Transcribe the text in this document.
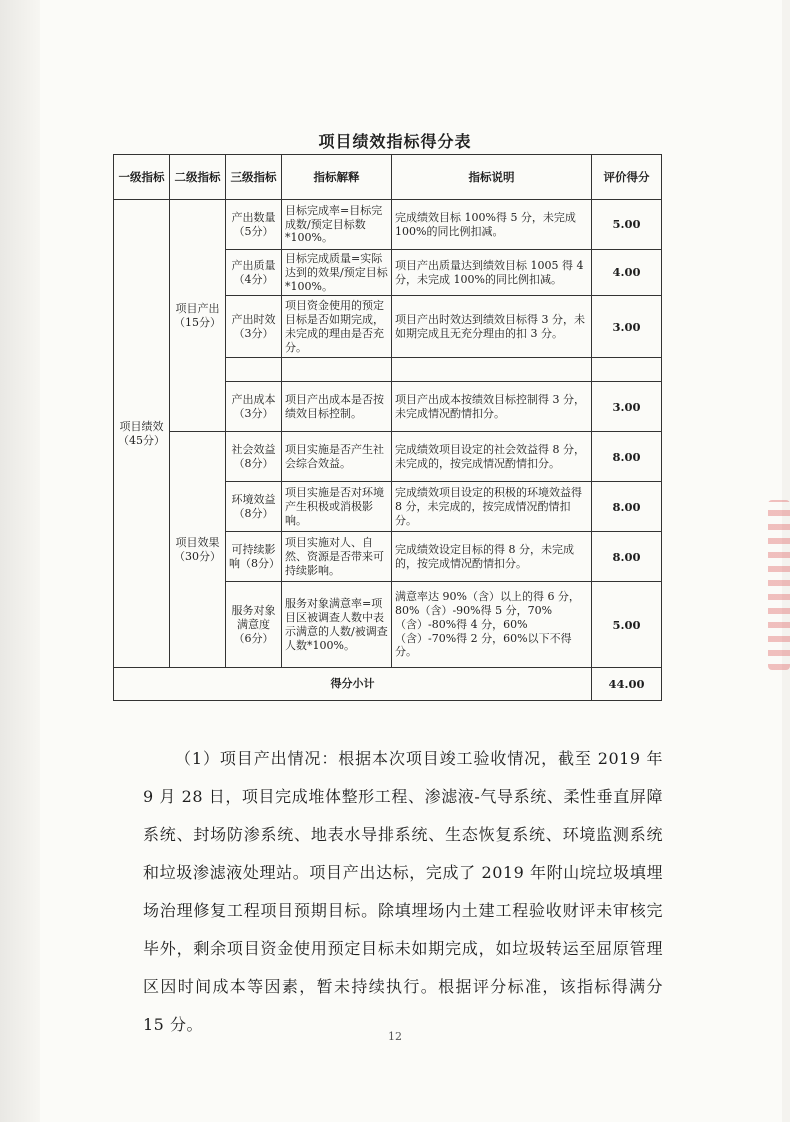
项目绩效指标得分表
一级指标	二级指标	三级指标	指标解释	指标说明	评价得分
项目绩效（45分）	项目产出（15分）	产出数量（5分）	目标完成率=目标完成数/预定目标数*100%。	完成绩效目标 100%得 5 分，未完成 100%的同比例扣减。	5.00
		产出质量（4分）	目标完成质量=实际达到的效果/预定目标*100%。	项目产出质量达到绩效目标 1005 得 4 分，未完成 100%的同比例扣减。	4.00
		产出时效（3分）	项目资金使用的预定目标是否如期完成，未完成的理由是否充分。	项目产出时效达到绩效目标得 3 分，未如期完成且无充分理由的扣 3 分。	3.00

		产出成本（3分）	项目产出成本是否按绩效目标控制。	项目产出成本按绩效目标控制得 3 分，未完成情况酌情扣分。	3.00
	项目效果（30分）	社会效益（8分）	项目实施是否产生社会综合效益。	完成绩效项目设定的社会效益得 8 分，未完成的，按完成情况酌情扣分。	8.00
		环境效益（8分）	项目实施是否对环境产生积极或消极影响。	完成绩效项目设定的积极的环境效益得 8 分，未完成的，按完成情况酌情扣分。	8.00
		可持续影响（8分）	项目实施对人、自然、资源是否带来可持续影响。	完成绩效设定目标的得 8 分，未完成的，按完成情况酌情扣分。	8.00
		服务对象满意度（6分）	服务对象满意率=项目区被调查人数中表示满意的人数/被调查人数*100%。	满意率达 90%（含）以上的得 6 分，80%（含）-90%得 5 分，70%（含）-80%得 4 分，60%（含）-70%得 2 分，60%以下不得分。	5.00
得分小计					44.00

（1）项目产出情况：根据本次项目竣工验收情况，截至 2019 年 9 月 28 日，项目完成堆体整形工程、渗滤液-气导系统、柔性垂直屏障系统、封场防渗系统、地表水导排系统、生态恢复系统、环境监测系统和垃圾渗滤液处理站。项目产出达标，完成了 2019 年附山垸垃圾填埋场治理修复工程项目预期目标。除填埋场内土建工程验收财评未审核完毕外，剩余项目资金使用预定目标未如期完成，如垃圾转运至屈原管理区因时间成本等因素，暂未持续执行。根据评分标准，该指标得满分 15 分。

12
